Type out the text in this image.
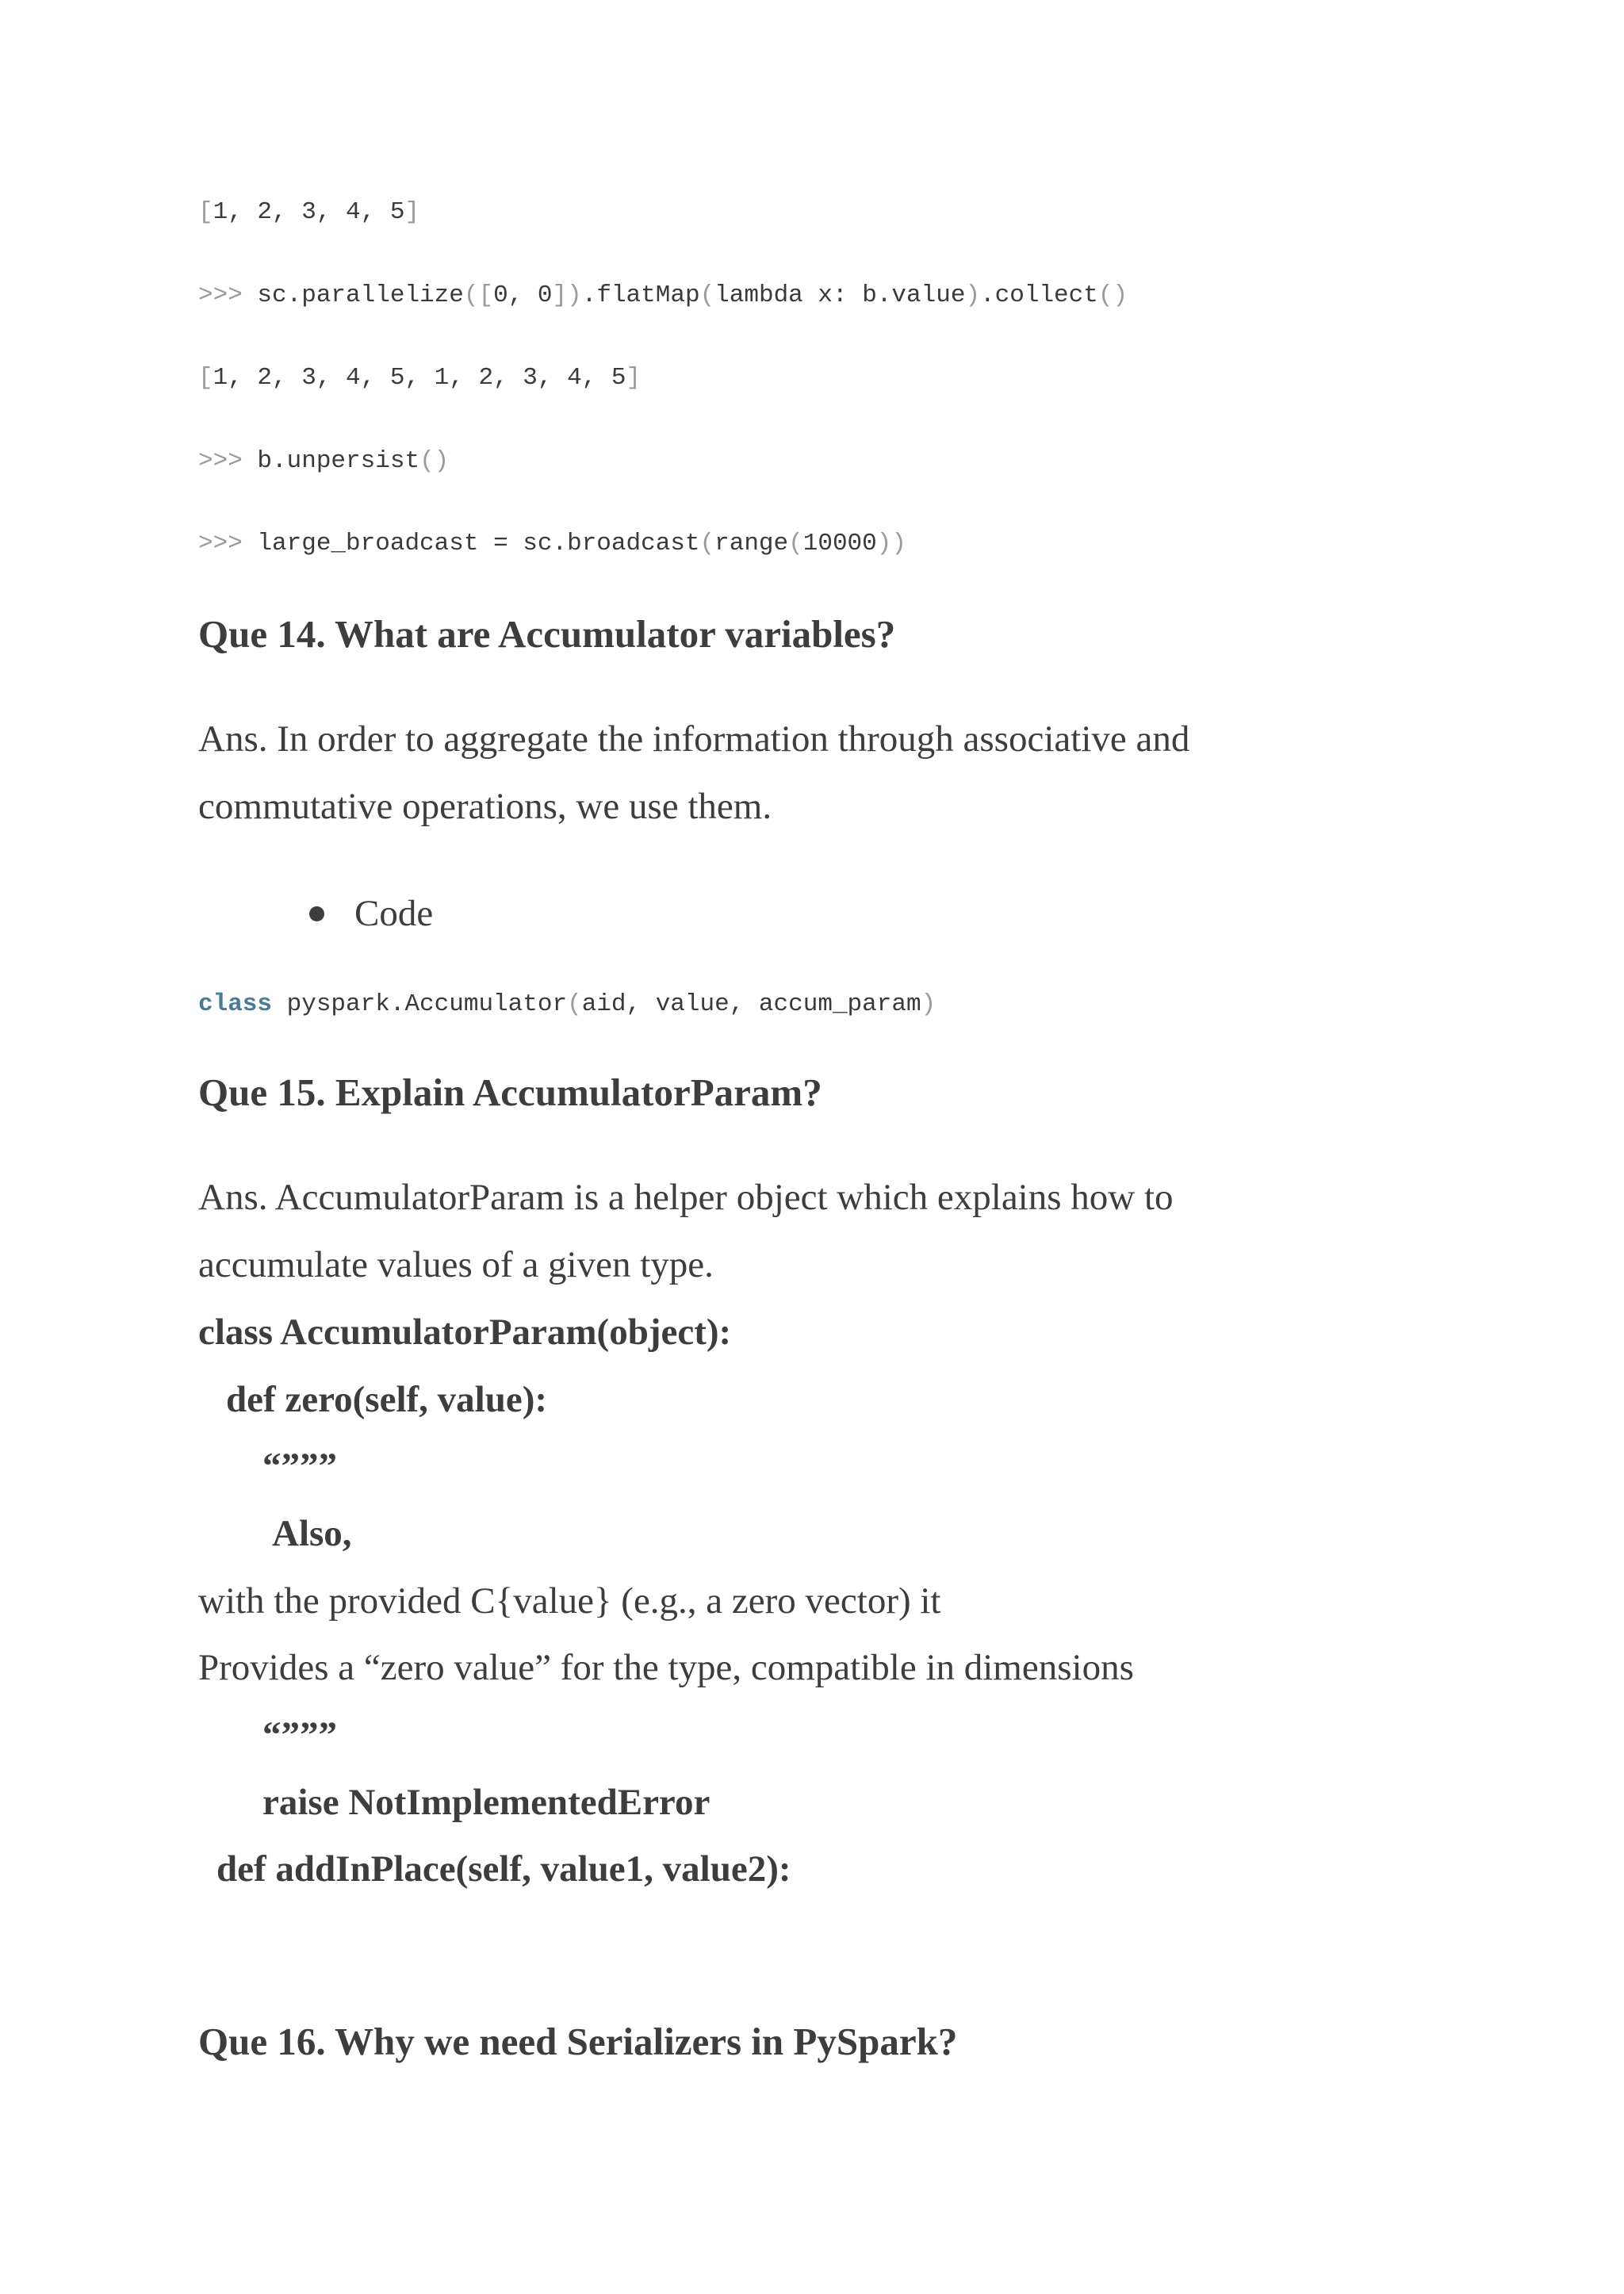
[1, 2, 3, 4, 5]
>>> sc.parallelize([0, 0]).flatMap(lambda x: b.value).collect()
[1, 2, 3, 4, 5, 1, 2, 3, 4, 5]
>>> b.unpersist()
>>> large_broadcast = sc.broadcast(range(10000))
Que 14. What are Accumulator variables?
Ans. In order to aggregate the information through associative and
commutative operations, we use them.
Code
class pyspark.Accumulator(aid, value, accum_param)
Que 15. Explain AccumulatorParam?
Ans. AccumulatorParam is a helper object which explains how to
accumulate values of a given type.
class AccumulatorParam(object):
def zero(self, value):
“”””
Also,
with the provided C{value} (e.g., a zero vector) it
Provides a “zero value” for the type, compatible in dimensions
“”””
raise NotImplementedError
def addInPlace(self, value1, value2):
Que 16. Why we need Serializers in PySpark?
